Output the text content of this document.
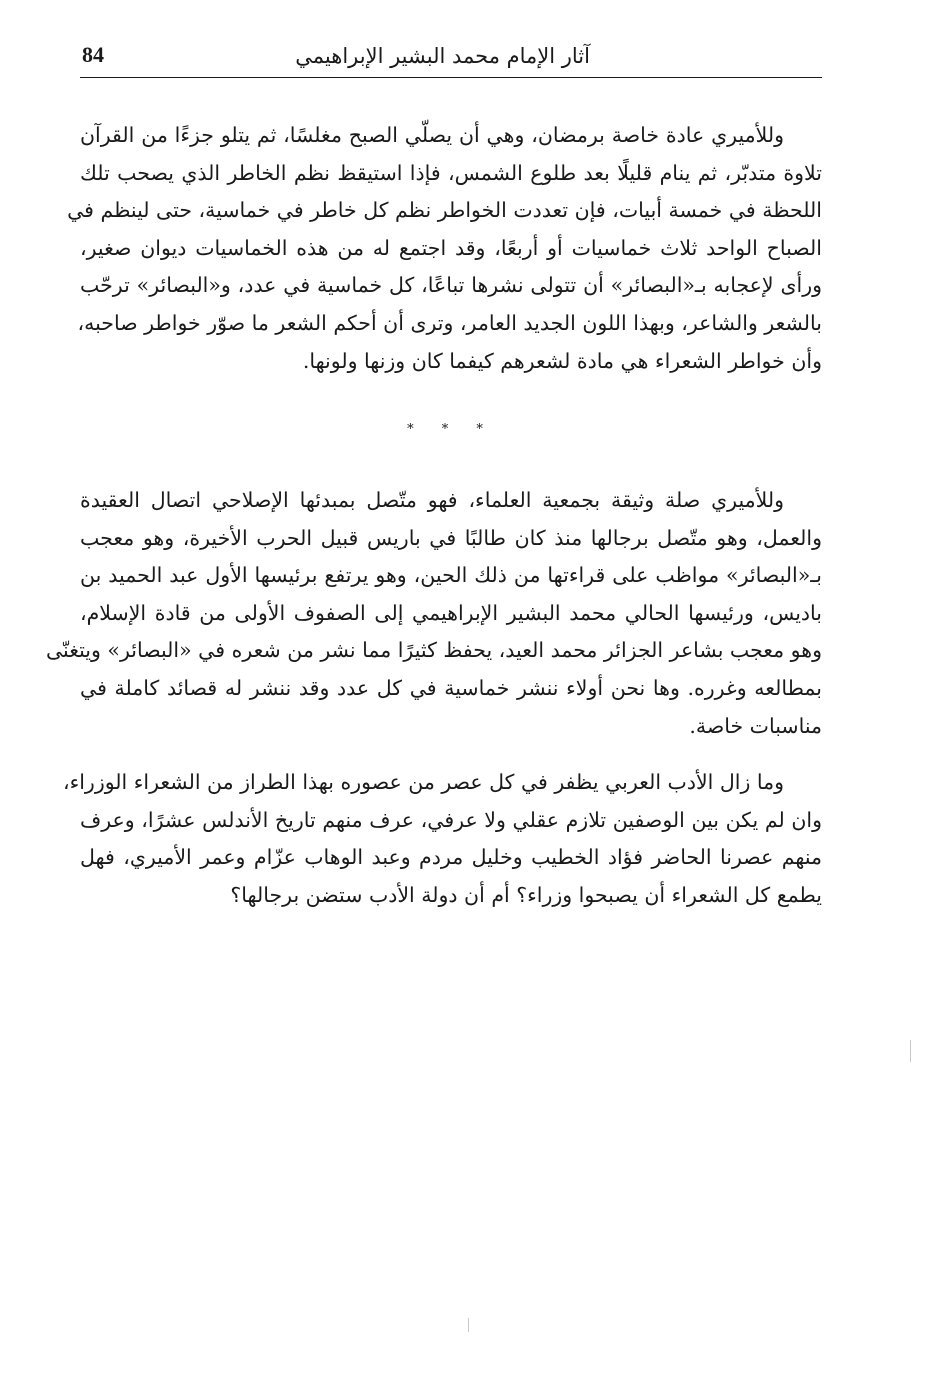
84	آثار الإمام محمد البشير الإبراهيمي
وللأميري عادة خاصة برمضان، وهي أن يصلّي الصبح مغلسًا، ثم يتلو جزءًا من القرآن
تلاوة متدبّر، ثم ينام قليلًا بعد طلوع الشمس، فإذا استيقظ نظم الخاطر الذي يصحب تلك
اللحظة في خمسة أبيات، فإن تعددت الخواطر نظم كل خاطر في خماسية، حتى لينظم في
الصباح الواحد ثلاث خماسيات أو أربعًا، وقد اجتمع له من هذه الخماسيات ديوان صغير،
ورأى لإعجابه بـ«البصائر» أن تتولى نشرها تباعًا، كل خماسية في عدد، و«البصائر» ترحّب
بالشعر والشاعر، وبهذا اللون الجديد العامر، وترى أن أحكم الشعر ما صوّر خواطر صاحبه،
وأن خواطر الشعراء هي مادة لشعرهم كيفما كان وزنها ولونها.
* * *
وللأميري صلة وثيقة بجمعية العلماء، فهو متّصل بمبدئها الإصلاحي اتصال العقيدة
والعمل، وهو متّصل برجالها منذ كان طالبًا في باريس قبيل الحرب الأخيرة، وهو معجب
بـ«البصائر» مواظب على قراءتها من ذلك الحين، وهو يرتفع برئيسها الأول عبد الحميد بن
باديس، ورئيسها الحالي محمد البشير الإبراهيمي إلى الصفوف الأولى من قادة الإسلام،
وهو معجب بشاعر الجزائر محمد العيد، يحفظ كثيرًا مما نشر من شعره في «البصائر» ويتغنّى
بمطالعه وغرره. وها نحن أولاء ننشر خماسية في كل عدد وقد ننشر له قصائد كاملة في
مناسبات خاصة.
وما زال الأدب العربي يظفر في كل عصر من عصوره بهذا الطراز من الشعراء الوزراء،
وان لم يكن بين الوصفين تلازم عقلي ولا عرفي، عرف منهم تاريخ الأندلس عشرًا، وعرف
منهم عصرنا الحاضر فؤاد الخطيب وخليل مردم وعبد الوهاب عزّام وعمر الأميري، فهل
يطمع كل الشعراء أن يصبحوا وزراء؟ أم أن دولة الأدب ستضن برجالها؟
